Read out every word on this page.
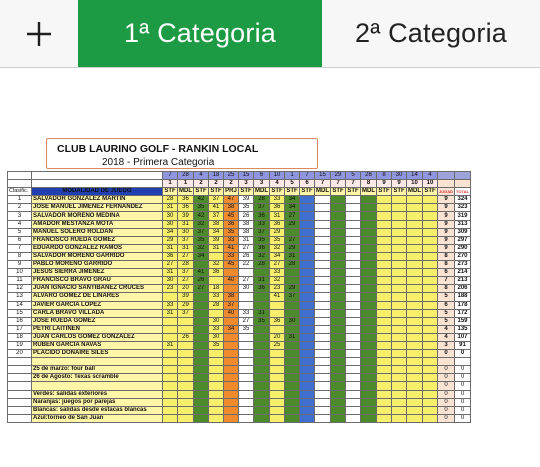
1ª Categoria	2ª Categoria
CLUB LAURINO GOLF - RANKIN LOCAL
2018 - Primera Categoria
		7	28	4	18	25	15	6	10	1	7	15	29	5	26	8	30	14	4		
		1	1	2	2	2	3	3	4	5	6	7	7	7	8	9	9	10	10		
Clasific.	MODALIDAD DE JUEGO	STF	MDL	STF	STF	PRJ	STF	MDL	STF	STF	STF	MDL	STF	STF	MDL	STF	STF	MDL	STF	JUGAD	TOTAL
1	SALVADOR GONZALEZ MARTIN	28	36	42	37	47	39	28	33	34										9	324
2	JOSE MANUEL JIMENEZ FERNANDEZ	31	36	35	41	38	35	37	36	34										9	323
3	SALVADOR MORENO MEDINA	30	39	42	37	45	26	36	31	27										9	319
4	AMADOR MESTANZA MOTA	30	31	32	38	36	38	33	36	29										9	313
5	MANUEL SOLERO ROLDAN	34	30	37	34	35	38	37	29											9	309
6	FRANCISCO RUEDA GOMEZ	29	37	35	39	33	31	35	35	27										9	297
7	EDUARDO GONZALEZ RAMOS	31	31	32	31	41	27	36	32	29										9	290
8	SALVADOR MORENO GARRIDO	36	27	34		33	26	32	34	31										8	270
9	PABLO MORENO GARRIDO	27	28		32	45	22	28	27	28										8	273
10	JESUS SIERRA JIMENEZ	31	37	41	36				33											6	214
11	FRANCISCO BRAVO GRAU	30	27	26		40	27	31	32											7	213
12	JUAN IGNACIO SANTIBAÑEZ CRUCES	23	20	27	18		30	36	23	29										8	206
13	ALVARO GOMEZ DE LINARES		39		33	38			41	37										5	188
14	JAVIER GARCIA LOPEZ	33	29		28	37														6	178
15	CARLA BRAVO VILLADA	31	37			40	33	31												5	172
16	JOSE RUEDA GOMEZ				30		27	35	36	30										5	159
17	PETRI LAITINEN				33	34	35													4	135
18	JUAN CARLOS GOMEZ GONZALEZ		26		30				20	31										4	107
19	RUBEN GARCIA NAVAS	31			35				25											3	91
20	PLACIDO DOÑAIRE SILES																			0	0

	25 de marzo: four ball																			0	0
	26 de Agosto: Texas scramble																			0	0
																				0	0
	Verdes: salidas exteriores																			0	0
	Naranjas: juegos por parejas																			0	0
	Blancas: salidas desde estacas blancas																			0	0
	Azul:torneo de San Juan																			0	0
